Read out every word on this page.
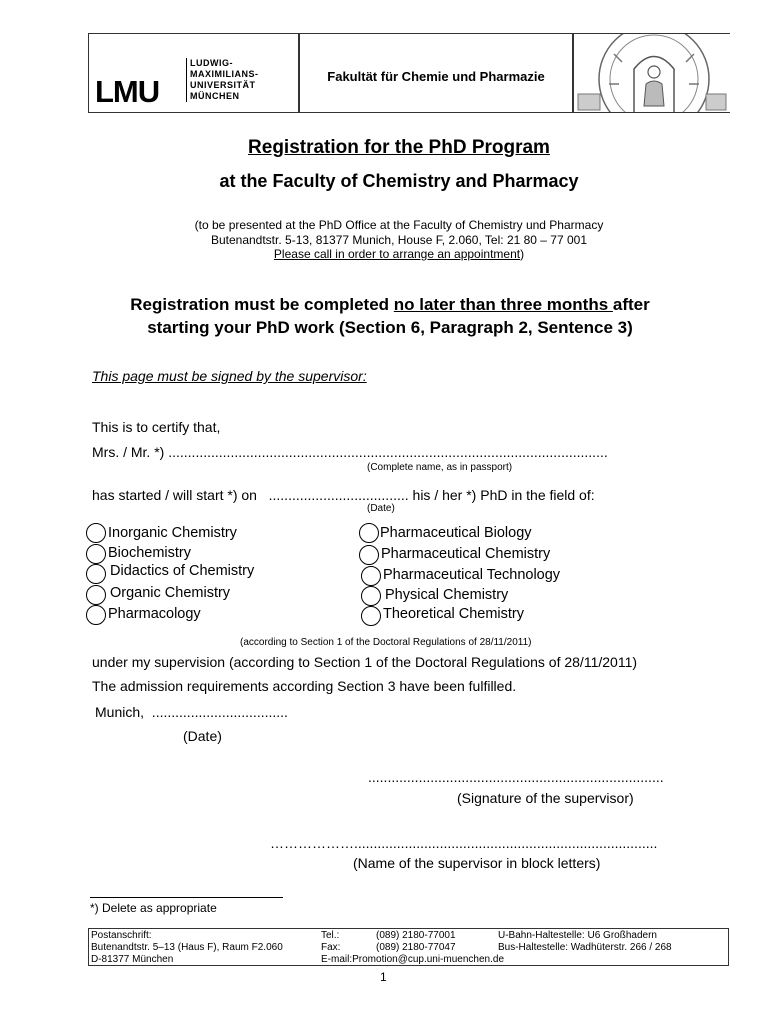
LMU
LUDWIG-
MAXIMILIANS-
UNIVERSITÄT
MÜNCHEN
Fakultät für Chemie und Pharmazie
Registration for the PhD Program
at the Faculty of Chemistry and Pharmacy
(to be presented at the PhD Office at the Faculty of Chemistry und Pharmacy
Butenandtstr. 5-13, 81377 Munich, House F, 2.060, Tel: 21 80 – 77 001
Please call in order to arrange an appointment)
Registration must be completed no later than three months after
starting your PhD work (Section 6, Paragraph 2, Sentence 3)
This page must be signed by the supervisor:
This is to certify that,
Mrs. / Mr. *) .................................................................................................................
(Complete name, as in passport)
has started / will start *) on   .................................... his / her *) PhD in the field of:
(Date)
Inorganic Chemistry
Biochemistry
Didactics of Chemistry
Organic Chemistry
Pharmacology
Pharmaceutical Biology
Pharmaceutical Chemistry
Pharmaceutical Technology
Physical Chemistry
Theoretical Chemistry
(according to Section 1 of the Doctoral Regulations of 28/11/2011)
under my supervision (according to Section 1 of the Doctoral Regulations of 28/11/2011)
The admission requirements according Section 3 have been fulfilled.
Munich,  ...................................
(Date)
............................................................................
(Signature of the supervisor)
………………..............................................................................
(Name of the supervisor in block letters)
*) Delete as appropriate
Postanschrift:
Butenandtstr. 5–13 (Haus F), Raum F2.060
D-81377 München
Tel.:
Fax:
E-mail:Promotion@cup.uni-muenchen.de
(089) 2180-77001
(089) 2180-77047
U-Bahn-Haltestelle: U6 Großhadern
Bus-Haltestelle: Wadhüterstr. 266 / 268
1
